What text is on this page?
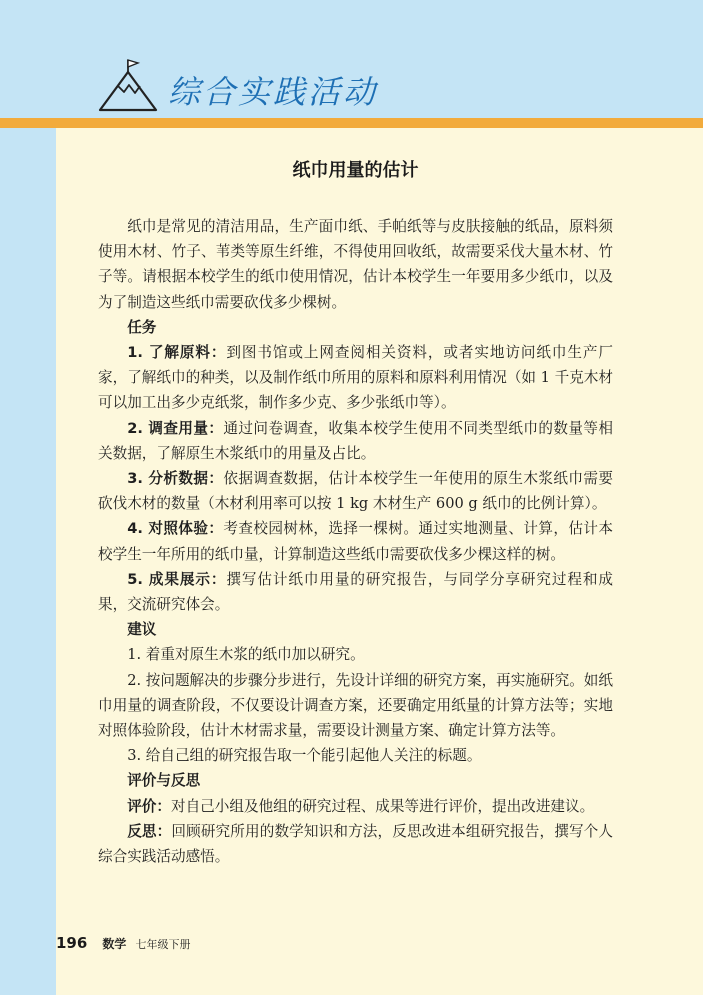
综合实践活动
纸巾用量的估计

纸巾是常见的清洁用品，生产面巾纸、手帕纸等与皮肤接触的纸品，原料须使用木材、竹子、苇类等原生纤维，不得使用回收纸，故需要采伐大量木材、竹子等。请根据本校学生的纸巾使用情况，估计本校学生一年要用多少纸巾，以及为了制造这些纸巾需要砍伐多少棵树。

任务

1. 了解原料：到图书馆或上网查阅相关资料，或者实地访问纸巾生产厂家，了解纸巾的种类，以及制作纸巾所用的原料和原料利用情况（如 1 千克木材可以加工出多少克纸浆，制作多少克、多少张纸巾等）。

2. 调查用量：通过问卷调查，收集本校学生使用不同类型纸巾的数量等相关数据，了解原生木浆纸巾的用量及占比。

3. 分析数据：依据调查数据，估计本校学生一年使用的原生木浆纸巾需要砍伐木材的数量（木材利用率可以按 1 kg 木材生产 600 g 纸巾的比例计算）。

4. 对照体验：考查校园树林，选择一棵树。通过实地测量、计算，估计本校学生一年所用的纸巾量，计算制造这些纸巾需要砍伐多少棵这样的树。

5. 成果展示：撰写估计纸巾用量的研究报告，与同学分享研究过程和成果，交流研究体会。

建议

1. 着重对原生木浆的纸巾加以研究。

2. 按问题解决的步骤分步进行，先设计详细的研究方案，再实施研究。如纸巾用量的调查阶段，不仅要设计调查方案，还要确定用纸量的计算方法等；实地对照体验阶段，估计木材需求量，需要设计测量方案、确定计算方法等。

3. 给自己组的研究报告取一个能引起他人关注的标题。

评价与反思

评价：对自己小组及他组的研究过程、成果等进行评价，提出改进建议。

反思：回顾研究所用的数学知识和方法，反思改进本组研究报告，撰写个人综合实践活动感悟。

196 数学 七年级下册
